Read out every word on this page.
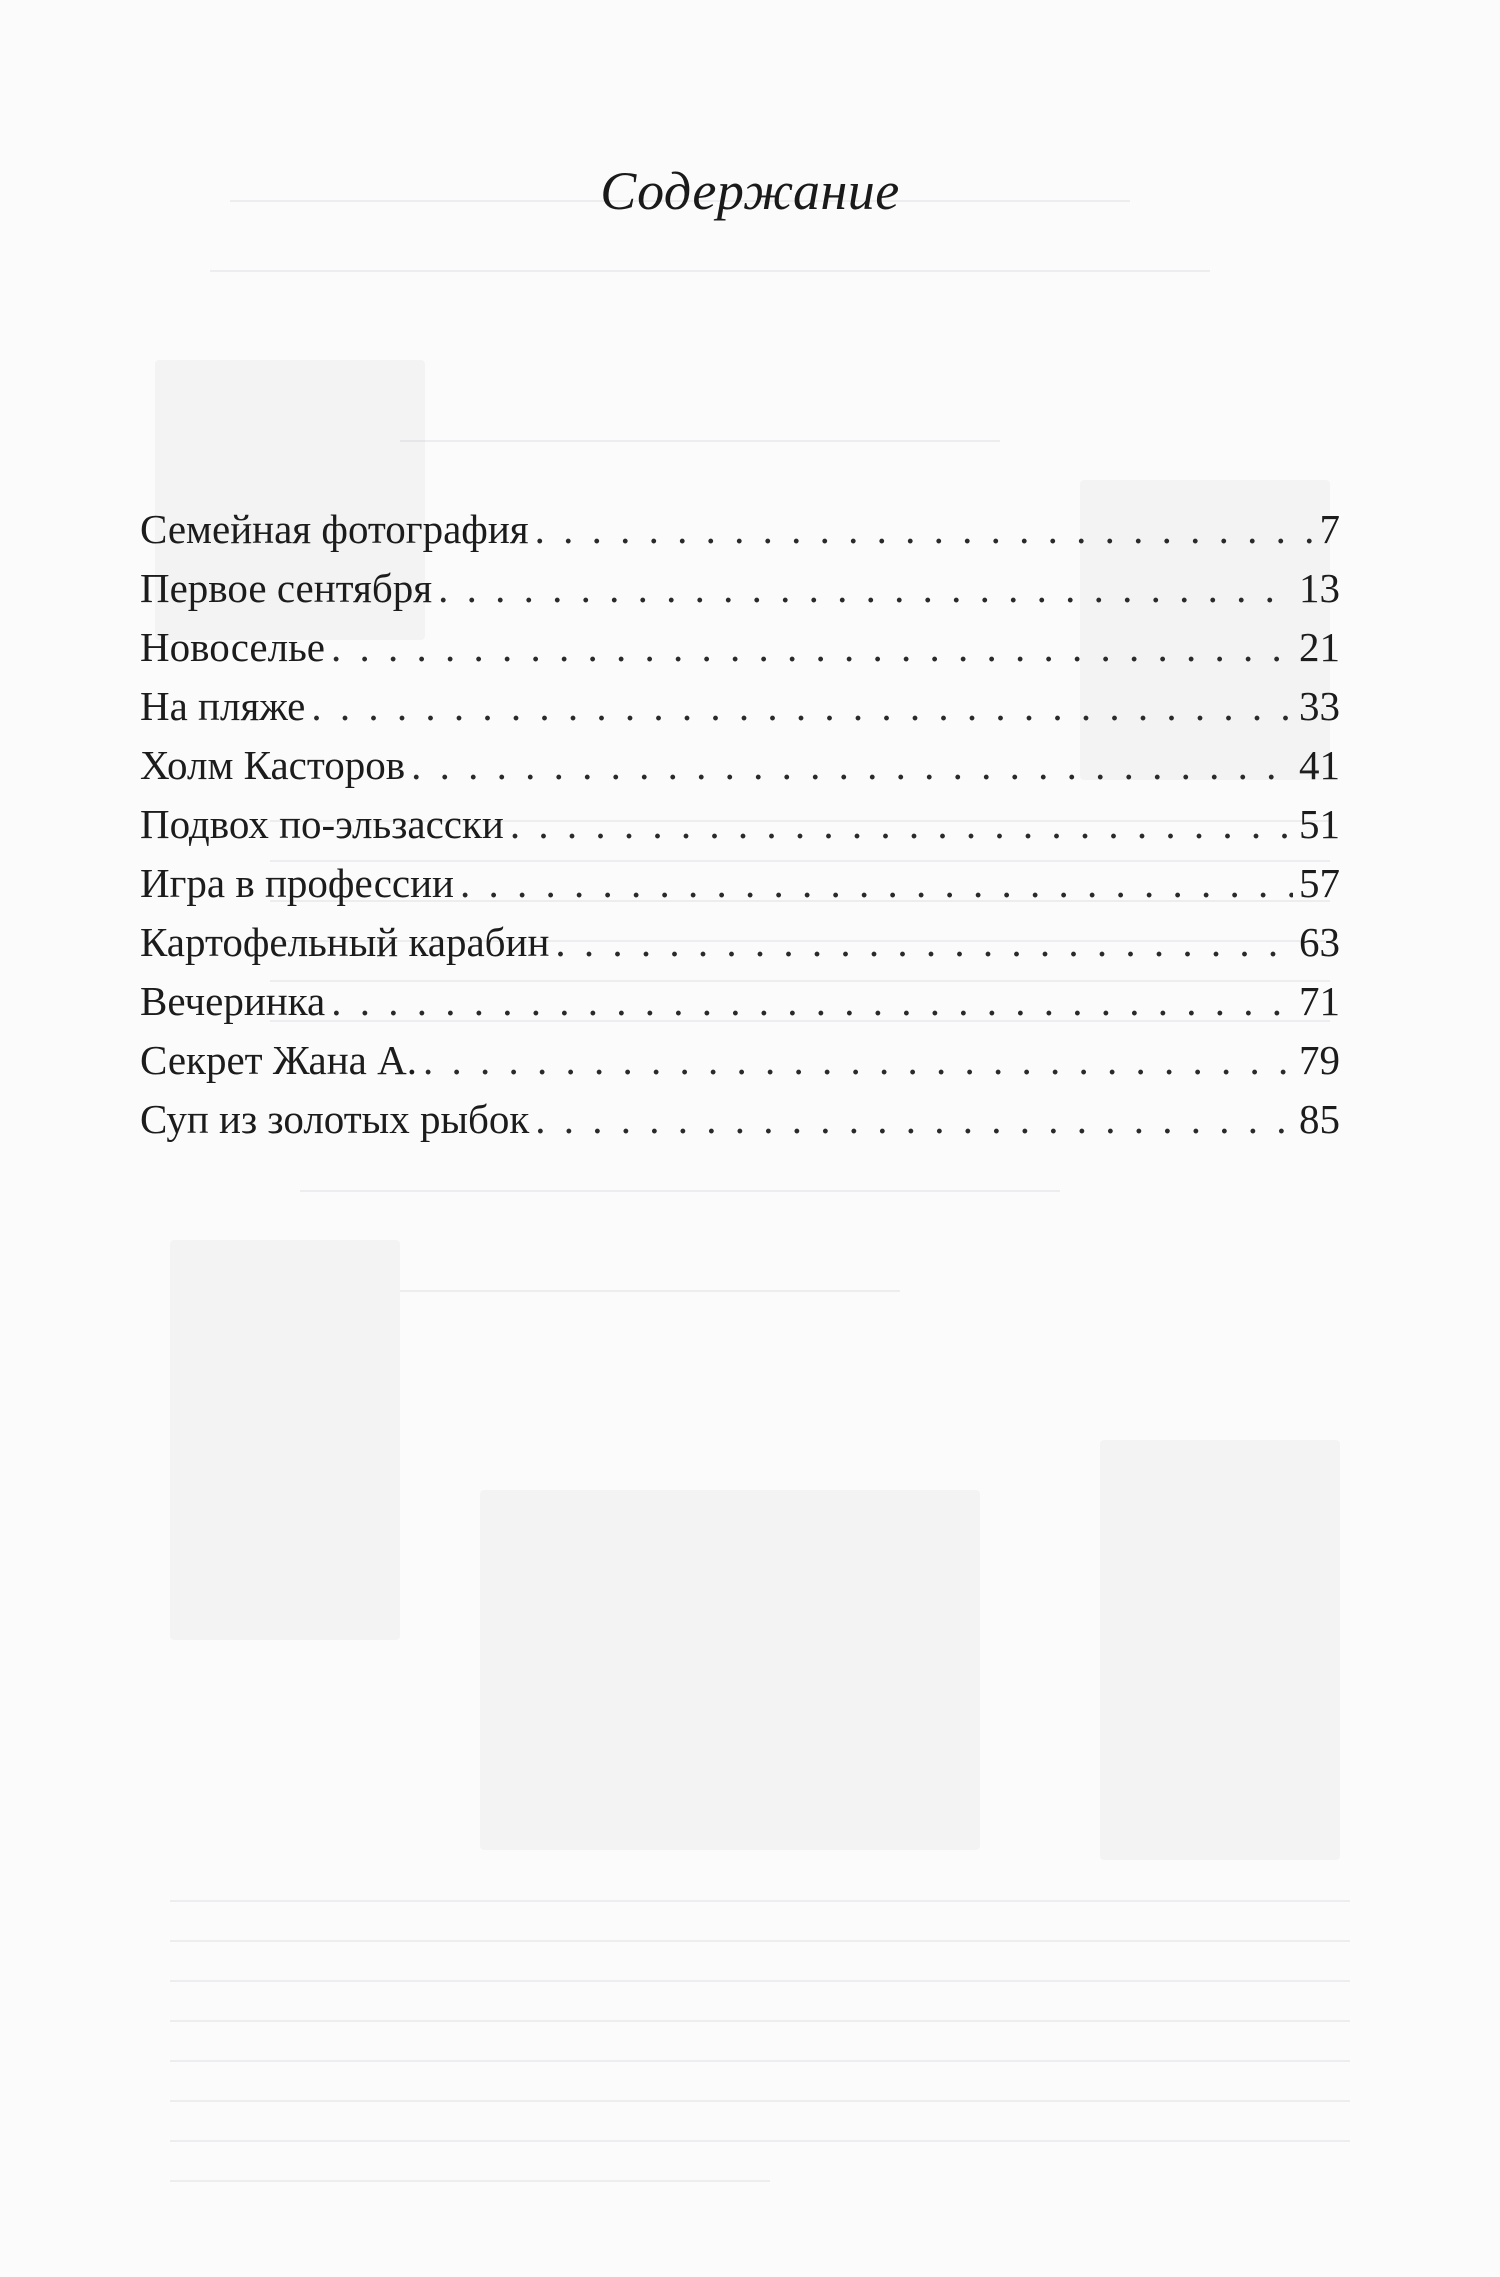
Содержание
Семейная фотография . . .	7
Первое сентября . . .	13
Новоселье . . .	21
На пляже . . .	33
Холм Касторов . . .	41
Подвох по-эльзасски . . .	51
Игра в профессии . . .	57
Картофельный карабин . . .	63
Вечеринка . . .	71
Секрет Жана А. . . .	79
Суп из золотых рыбок . . .	85
